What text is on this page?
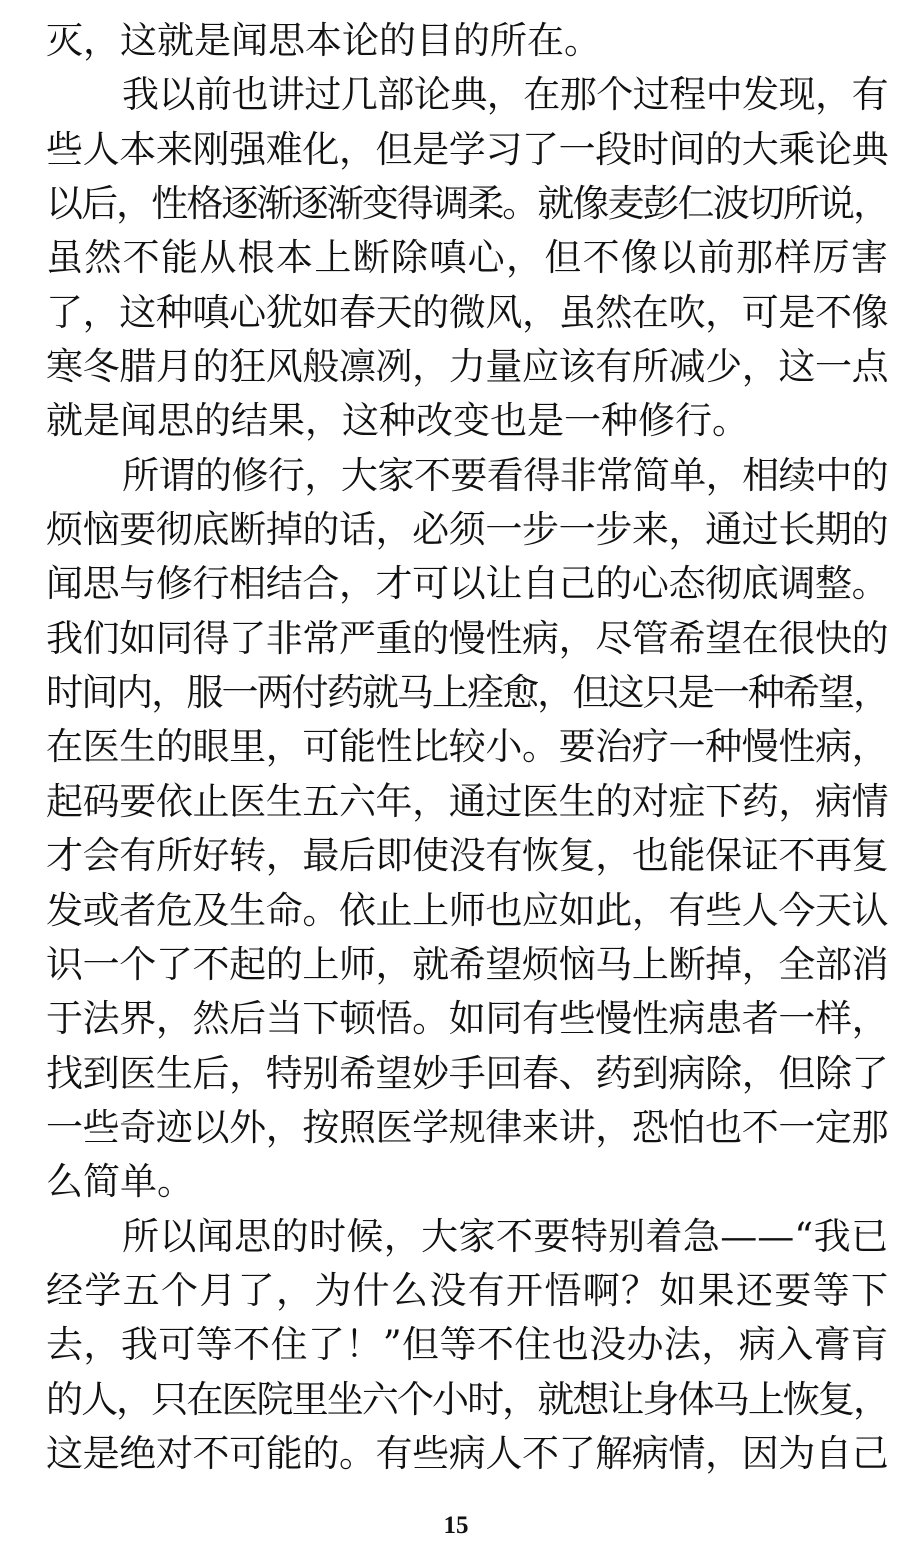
灭，这就是闻思本论的目的所在。
我以前也讲过几部论典，在那个过程中发现，有
些人本来刚强难化，但是学习了一段时间的大乘论典
以后，性格逐渐逐渐变得调柔。就像麦彭仁波切所说，
虽然不能从根本上断除嗔心，但不像以前那样厉害
了，这种嗔心犹如春天的微风，虽然在吹，可是不像
寒冬腊月的狂风般凛冽，力量应该有所减少，这一点
就是闻思的结果，这种改变也是一种修行。
所谓的修行，大家不要看得非常简单，相续中的
烦恼要彻底断掉的话，必须一步一步来，通过长期的
闻思与修行相结合，才可以让自己的心态彻底调整。
我们如同得了非常严重的慢性病，尽管希望在很快的
时间内，服一两付药就马上痊愈，但这只是一种希望，
在医生的眼里，可能性比较小。要治疗一种慢性病，
起码要依止医生五六年，通过医生的对症下药，病情
才会有所好转，最后即使没有恢复，也能保证不再复
发或者危及生命。依止上师也应如此，有些人今天认
识一个了不起的上师，就希望烦恼马上断掉，全部消
于法界，然后当下顿悟。如同有些慢性病患者一样，
找到医生后，特别希望妙手回春、药到病除，但除了
一些奇迹以外，按照医学规律来讲，恐怕也不一定那
么简单。
所以闻思的时候，大家不要特别着急——“我已
经学五个月了，为什么没有开悟啊？如果还要等下
去，我可等不住了！”但等不住也没办法，病入膏肓
的人，只在医院里坐六个小时，就想让身体马上恢复，
这是绝对不可能的。有些病人不了解病情，因为自己
15
